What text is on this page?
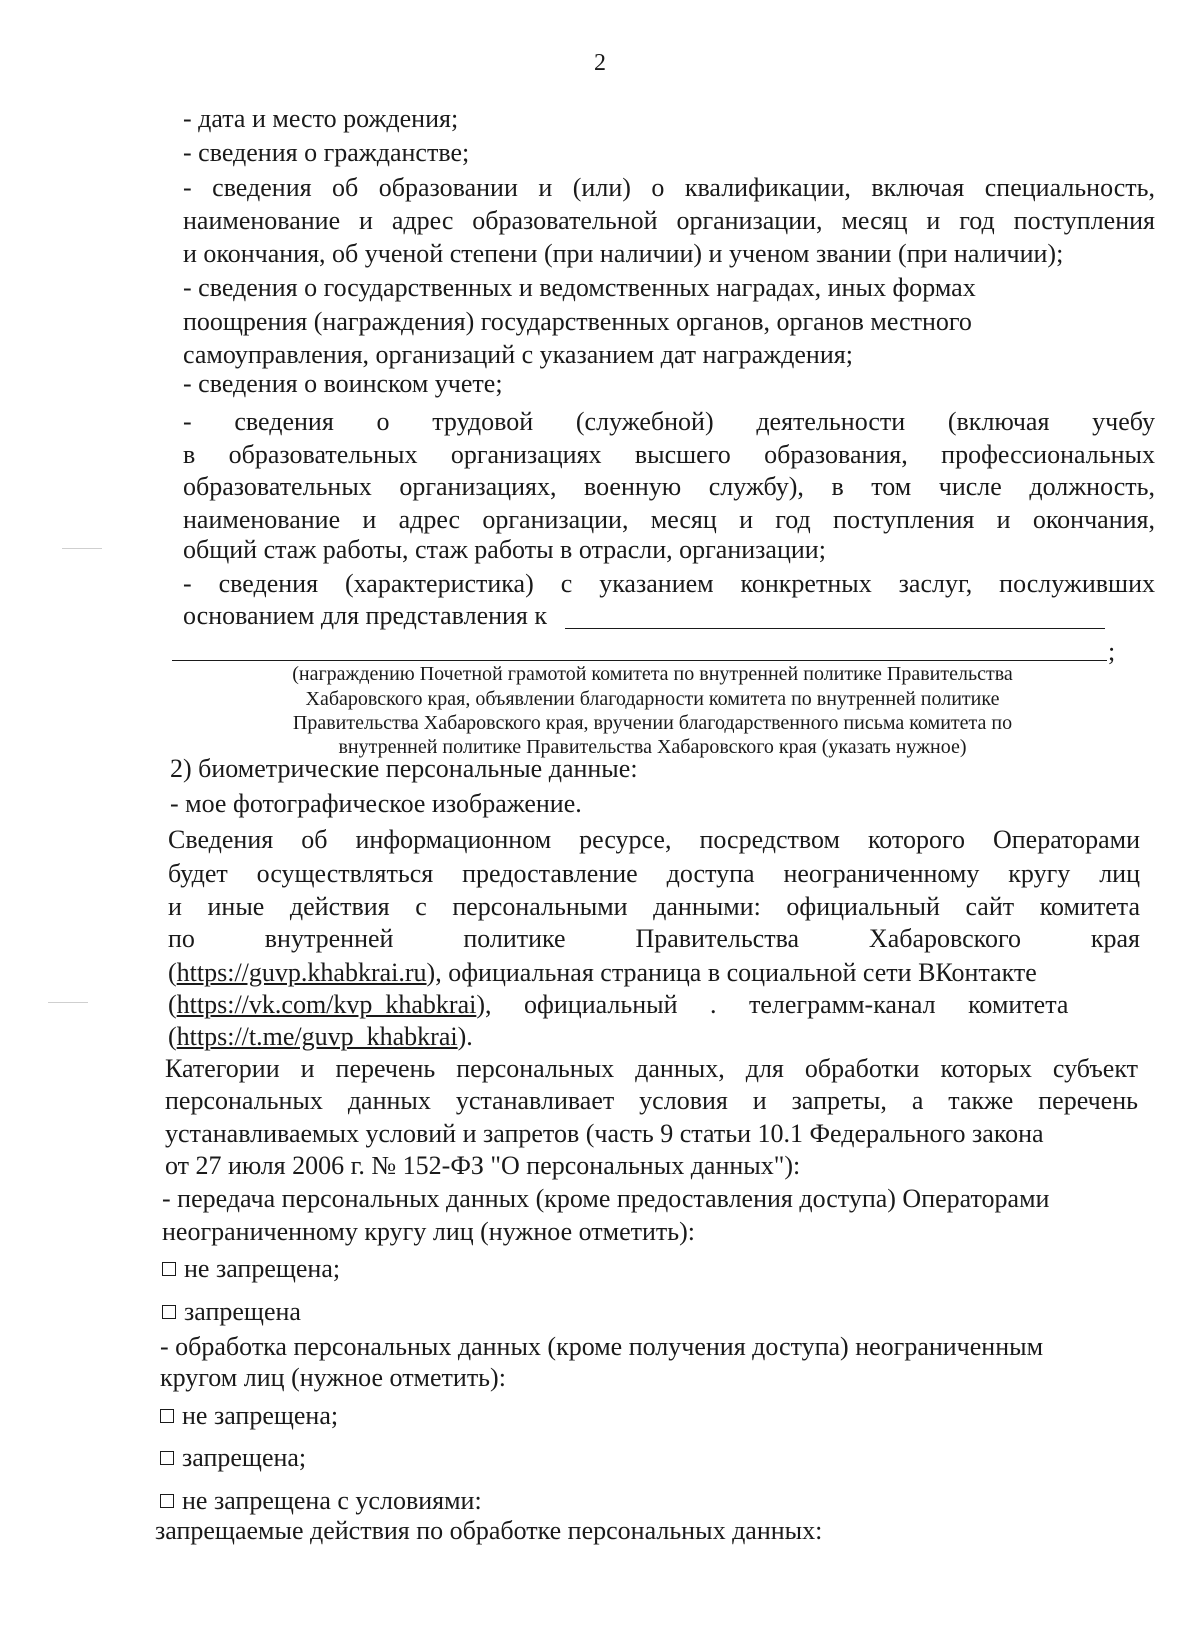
2
- дата и место рождения;
- сведения о гражданстве;
- сведения об образовании и (или) о квалификации, включая специальность,
наименование и адрес образовательной организации, месяц и год поступления
и окончания, об ученой степени (при наличии) и ученом звании (при наличии);
- сведения о государственных и ведомственных наградах, иных формах
поощрения (награждения) государственных органов, органов местного
самоуправления, организаций с указанием дат награждения;
- сведения о воинском учете;
- сведения о трудовой (служебной) деятельности (включая учебу
в образовательных организациях высшего образования, профессиональных
образовательных организациях, военную службу), в том числе должность,
наименование и адрес организации, месяц и год поступления и окончания,
общий стаж работы, стаж работы в отрасли, организации;
- сведения (характеристика) с указанием конкретных заслуг, послуживших
основанием для представления к
;
(награждению Почетной грамотой комитета по внутренней политике Правительства
Хабаровского края, объявлении благодарности комитета по внутренней политике
Правительства Хабаровского края, вручении благодарственного письма комитета по
внутренней политике Правительства Хабаровского края (указать нужное)
2) биометрические персональные данные:
- мое фотографическое изображение.
Сведения об информационном ресурсе, посредством которого Операторами
будет осуществляться предоставление доступа неограниченному кругу лиц
и иные действия с персональными данными: официальный сайт комитета
по внутренней политике Правительства Хабаровского края
(https://guvp.khabkrai.ru), официальная страница в социальной сети ВКонтакте
(https://vk.com/kvp_khabkrai), официальный . телеграмм-канал комитета
(https://t.me/guvp_khabkrai).
Категории и перечень персональных данных, для обработки которых субъект
персональных данных устанавливает условия и запреты, а также перечень
устанавливаемых условий и запретов (часть 9 статьи 10.1 Федерального закона
от 27 июля 2006 г. № 152-ФЗ "О персональных данных"):
- передача персональных данных (кроме предоставления доступа) Операторами
неограниченному кругу лиц (нужное отметить):
не запрещена;
запрещена
- обработка персональных данных (кроме получения доступа) неограниченным
кругом лиц (нужное отметить):
не запрещена;
запрещена;
не запрещена с условиями:
запрещаемые действия по обработке персональных данных:
